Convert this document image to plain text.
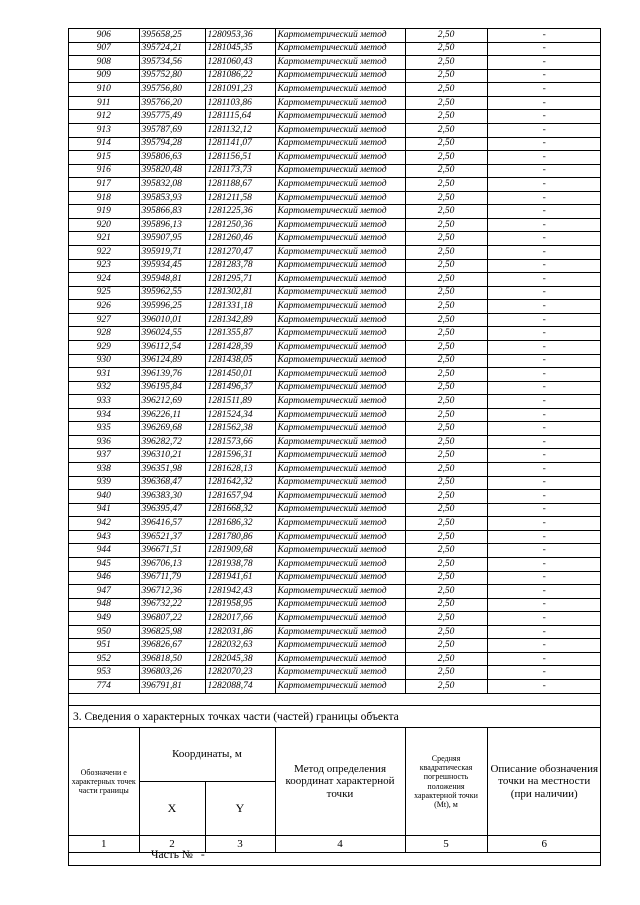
906	395658,25	1280953,36	Картометрический метод	2,50	-
907	395724,21	1281045,35	Картометрический метод	2,50	-
908	395734,56	1281060,43	Картометрический метод	2,50	-
909	395752,80	1281086,22	Картометрический метод	2,50	-
910	395756,80	1281091,23	Картометрический метод	2,50	-
911	395766,20	1281103,86	Картометрический метод	2,50	-
912	395775,49	1281115,64	Картометрический метод	2,50	-
913	395787,69	1281132,12	Картометрический метод	2,50	-
914	395794,28	1281141,07	Картометрический метод	2,50	-
915	395806,63	1281156,51	Картометрический метод	2,50	-
916	395820,48	1281173,73	Картометрический метод	2,50	-
917	395832,08	1281188,67	Картометрический метод	2,50	-
918	395853,93	1281211,58	Картометрический метод	2,50	-
919	395866,83	1281225,36	Картометрический метод	2,50	-
920	395896,13	1281250,36	Картометрический метод	2,50	-
921	395907,95	1281260,46	Картометрический метод	2,50	-
922	395919,71	1281270,47	Картометрический метод	2,50	-
923	395934,45	1281283,78	Картометрический метод	2,50	-
924	395948,81	1281295,71	Картометрический метод	2,50	-
925	395962,55	1281302,81	Картометрический метод	2,50	-
926	395996,25	1281331,18	Картометрический метод	2,50	-
927	396010,01	1281342,89	Картометрический метод	2,50	-
928	396024,55	1281355,87	Картометрический метод	2,50	-
929	396112,54	1281428,39	Картометрический метод	2,50	-
930	396124,89	1281438,05	Картометрический метод	2,50	-
931	396139,76	1281450,01	Картометрический метод	2,50	-
932	396195,84	1281496,37	Картометрический метод	2,50	-
933	396212,69	1281511,89	Картометрический метод	2,50	-
934	396226,11	1281524,34	Картометрический метод	2,50	-
935	396269,68	1281562,38	Картометрический метод	2,50	-
936	396282,72	1281573,66	Картометрический метод	2,50	-
937	396310,21	1281596,31	Картометрический метод	2,50	-
938	396351,98	1281628,13	Картометрический метод	2,50	-
939	396368,47	1281642,32	Картометрический метод	2,50	-
940	396383,30	1281657,94	Картометрический метод	2,50	-
941	396395,47	1281668,32	Картометрический метод	2,50	-
942	396416,57	1281686,32	Картометрический метод	2,50	-
943	396521,37	1281780,86	Картометрический метод	2,50	-
944	396671,51	1281909,68	Картометрический метод	2,50	-
945	396706,13	1281938,78	Картометрический метод	2,50	-
946	396711,79	1281941,61	Картометрический метод	2,50	-
947	396712,36	1281942,43	Картометрический метод	2,50	-
948	396732,22	1281958,95	Картометрический метод	2,50	-
949	396807,22	1282017,66	Картометрический метод	2,50	-
950	396825,98	1282031,86	Картометрический метод	2,50	-
951	396826,67	1282032,63	Картометрический метод	2,50	-
952	396818,50	1282045,38	Картометрический метод	2,50	-
953	396803,26	1282070,23	Картометрический метод	2,50	-
774	396791,81	1282088,74	Картометрический метод	2,50	-
3. Сведения о характерных точках части (частей) границы объекта
Обозначени е характерных точек части границы	Координаты, м		Метод определения координат характерной точки	Средняя квадратическая погрешность положения характерной точки (Mt), м	Описание обозначения точки на местности (при наличии)
	X	Y			
1	2	3	4	5	6
Часть № -
